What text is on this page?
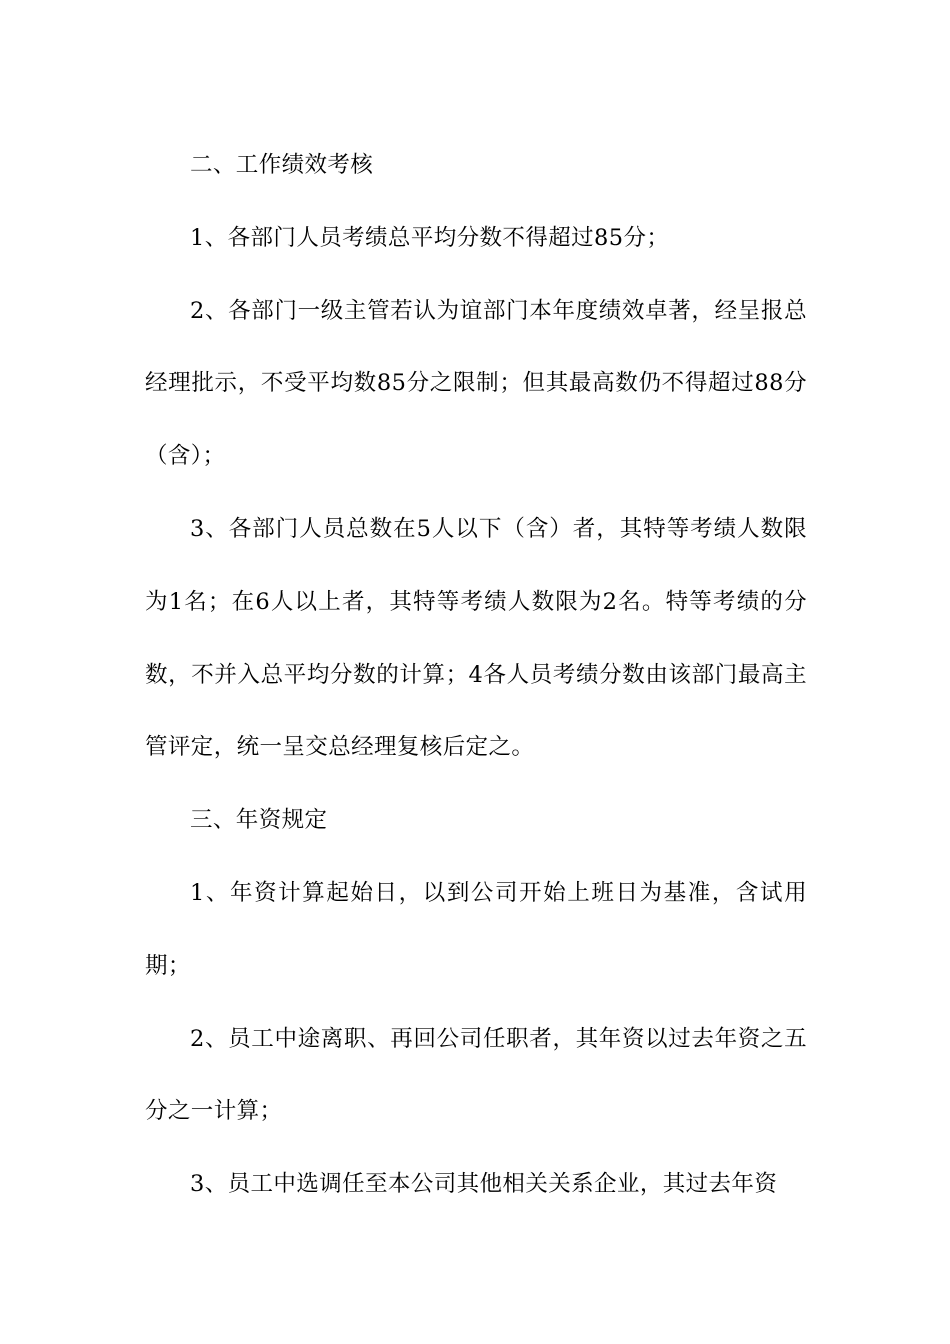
二、工作绩效考核

1、各部门人员考绩总平均分数不得超过85分；

2、各部门一级主管若认为谊部门本年度绩效卓著，经呈报总经理批示，不受平均数85分之限制；但其最高数仍不得超过88分（含）；

3、各部门人员总数在5人以下（含）者，其特等考绩人数限为1名；在6人以上者，其特等考绩人数限为2名。特等考绩的分数，不并入总平均分数的计算；4各人员考绩分数由该部门最高主管评定，统一呈交总经理复核后定之。

三、年资规定

1、年资计算起始日，以到公司开始上班日为基准，含试用期；

2、员工中途离职、再回公司任职者，其年资以过去年资之五分之一计算；

3、员工中选调任至本公司其他相关关系企业，其过去年资
